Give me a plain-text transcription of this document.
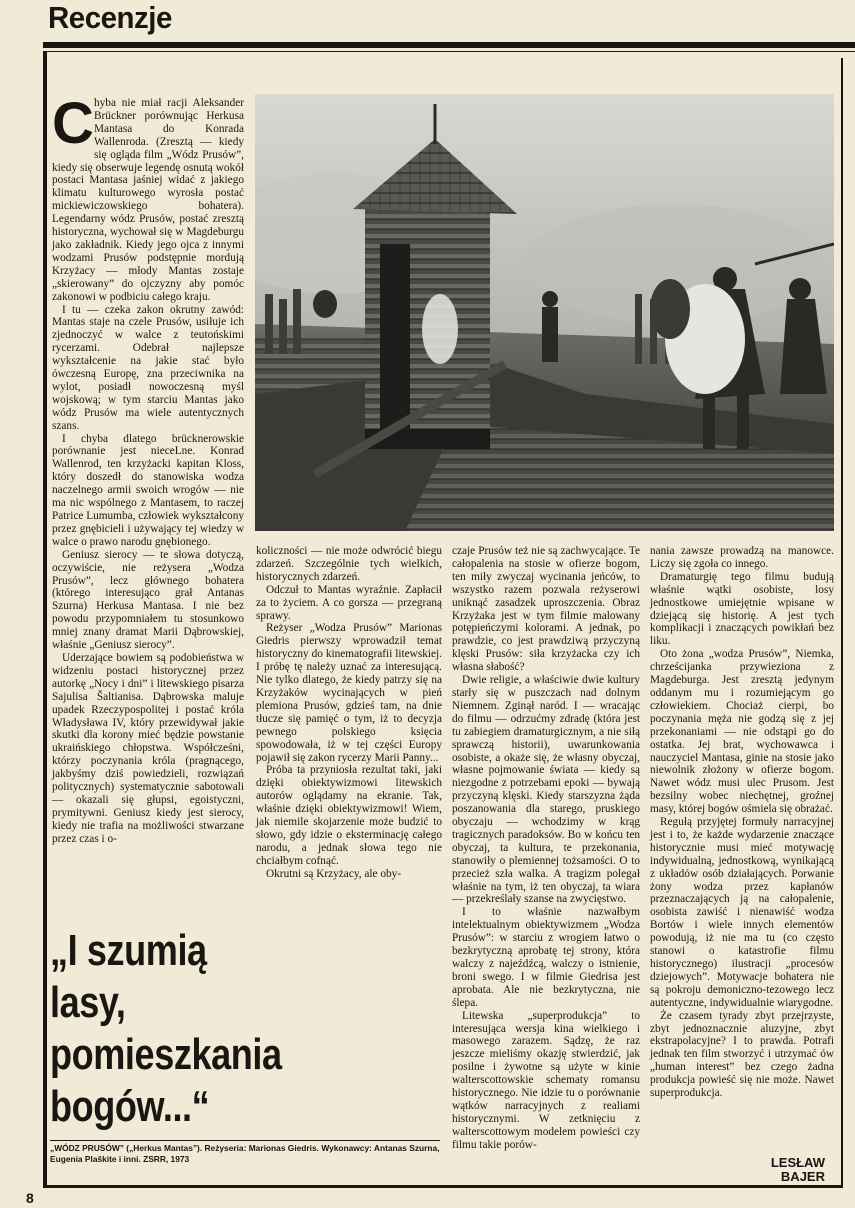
Recenzje
C hyba nie miał racji Aleksander Brückner porównując Herkusa Mantasa do Konrada Wallenroda. (Zresztą — kiedy się ogląda film „Wódz Prusów”, kiedy się obserwuje legendę osnutą wokół postaci Mantasa jaśniej widać z jakiego klimatu kulturowego wyrosła postać mickiewiczowskiego bohatera). Legendarny wódz Prusów, postać zresztą historyczna, wychował się w Magdeburgu jako zakładnik. Kiedy jego ojca z innymi wodzami Prusów podstępnie mordują Krzyżacy — młody Mantas zostaje „skierowany” do ojczyzny aby pomóc zakonowi w podbiciu całego kraju.

I tu — czeka zakon okrutny zawód: Mantas staje na czele Prusów, usiłuje ich zjednoczyć w walce z teutońskimi rycerzami. Odebrał najlepsze wykształcenie na jakie stać było ówczesną Europę, zna przeciwnika na wylot, posiadł nowoczesną myśl wojskową; w tym starciu Mantas jako wódz Prusów ma wiele autentycznych szans.

I chyba dlatego brücknerowskie porównanie jest nieceLne. Konrad Wallenrod, ten krzyżacki kapitan Kloss, który doszedł do stanowiska wodza naczelnego armii swoich wrogów — nie ma nic wspólnego z Mantasem, to raczej Patrice Lumumba, człowiek wykształcony przez gnębicieli i używający tej wiedzy w walce o prawo narodu gnębionego.

Geniusz sierocy — te słowa dotyczą, oczywiście, nie reżysera „Wodza Prusów”, lecz głównego bohatera (którego interesująco grał Antanas Szurna) Herkusa Mantasa. I nie bez powodu przypomniałem tu stosunkowo mniej znany dramat Marii Dąbrowskiej, właśnie „Geniusz sierocy”.

Uderzające bowiem są podobieństwa w widzeniu postaci historycznej przez autorkę „Nocy i dni” i litewskiego pisarza Sajulisa Šaltianisa. Dąbrowska maluje upadek Rzeczypospolitej i postać króla Władysława IV, który przewidywał jakie skutki dla korony mieć będzie powstanie ukraińskiego chłopstwa. Współcześni, którzy poczynania króla (pragnącego, jakbyśmy dziś powiedzieli, rozwiązań politycznych) systematycznie sabotowali — okazali się głupsi, egoistyczni, prymitywni. Geniusz kiedy jest sierocy, kiedy nie trafia na możliwości stwarzane przez czas i o-

koliczności — nie może odwrócić biegu zdarzeń. Szczególnie tych wielkich, historycznych zdarzeń.

Odczuł to Mantas wyraźnie. Zapłacił za to życiem. A co gorsza — przegraną sprawy.

Reżyser „Wodza Prusów” Marionas Giedris pierwszy wprowadził temat historyczny do kinematografii litewskiej. I próbę tę należy uznać za interesującą. Nie tylko dlatego, że kiedy patrzy się na Krzyżaków wycinających w pień plemiona Prusów, gdzieś tam, na dnie tłucze się pamięć o tym, iż to decyzja pewnego polskiego księcia spowodowała, iż w tej części Europy pojawił się zakon rycerzy Marii Panny...

Próba ta przyniosła rezultat taki, jaki dzięki obiektywizmowi litewskich autorów oglądamy na ekranie. Tak, właśnie dzięki obiektywizmowi! Wiem, jak niemile skojarzenie może budzić to słowo, gdy idzie o eksterminację całego narodu, a jednak słowa tego nie chciałbym cofnąć.

Okrutni są Krzyżacy, ale oby-

czaje Prusów też nie są zachwycające. Te całopalenia na stosie w ofierze bogom, ten miły zwyczaj wycinania jeńców, to wszystko razem pozwala reżyserowi uniknąć zasadzek uproszczenia. Obraz Krzyżaka jest w tym filmie malowany potępieńczymi kolorami. A jednak, po prawdzie, co jest prawdziwą przyczyną klęski Prusów: siła krzyżacka czy ich własna słabość?

Dwie religie, a właściwie dwie kultury starły się w puszczach nad dolnym Niemnem. Zginął naród. I — wracając do filmu — odrzućmy zdradę (która jest tu zabiegiem dramaturgicznym, a nie siłą sprawczą historii), uwarunkowania osobiste, a okaże się, że własny obyczaj, własne pojmowanie świata — kiedy są niezgodne z potrzebami epoki — bywają przyczyną klęski. Kiedy starszyzna żąda poszanowania dla starego, pruskiego obyczaju — wchodzimy w krąg tragicznych paradoksów. Bo w końcu ten obyczaj, ta kultura, te przekonania, stanowiły o plemiennej tożsamości. O to przecież szła walka. A tragizm polegał właśnie na tym, iż ten obyczaj, ta wiara — przekreślały szanse na zwycięstwo.

I to właśnie nazwałbym intelektualnym obiektywizmem „Wodza Prusów”: w starciu z wrogiem łatwo o bezkrytyczną aprobatę tej strony, która walczy z najeźdźcą, walczy o istnienie, broni swego. I w filmie Giedrisa jest aprobata. Ale nie bezkrytyczna, nie ślepa.

Litewska „superprodukcja” to interesująca wersja kina wielkiego i masowego zarazem. Sądzę, że raz jeszcze mieliśmy okazję stwierdzić, jak posilne i żywotne są użyte w kinie walterscottowskie schematy romansu historycznego. Nie idzie tu o porównanie wątków narracyjnych z realiami historycznymi. W zetknięciu z walterscottowym modelem powieści czy filmu takie porów-

nania zawsze prowadzą na manowce. Liczy się zgoła co innego.

Dramaturgię tego filmu budują właśnie wątki osobiste, losy jednostkowe umiejętnie wpisane w dziejącą się historię. A jest tych komplikacji i znaczących powikłań bez liku.

Oto żona „wodza Prusów”, Niemka, chrześcijanka przywieziona z Magdeburga. Jest zresztą jedynym oddanym mu i rozumiejącym go człowiekiem. Chociaż cierpi, bo poczynania męża nie godzą się z jej przekonaniami — nie odstąpi go do ostatka. Jej brat, wychowawca i nauczyciel Mantasa, ginie na stosie jako niewolnik złożony w ofierze bogom. Nawet wódz musi ulec Prusom. Jest bezsilny wobec niechętnej, groźnej masy, której bogów ośmiela się obrażać.

Regułą przyjętej formuły narracyjnej jest i to, że każde wydarzenie znaczące historycznie musi mieć motywację indywidualną, jednostkową, wynikającą z układów osób działających. Porwanie żony wodza przez kapłanów przeznaczających ją na całopalenie, osobista zawiść i nienawiść wodza Bortów i wiele innych elementów powodują, iż nie ma tu (co często stanowi o katastrofie filmu historycznego) ilustracji „procesów dziejowych”. Motywacje bohatera nie są pokroju demoniczno-tezowego lecz autentyczne, indywidualnie wiarygodne.

Że czasem tyrady zbyt przejrzyste, zbyt jednoznacznie aluzyjne, zbyt ekstrapolacyjne? I to prawda. Potrafi jednak ten film stworzyć i utrzymać ów „human interest” bez czego żadna produkcja powieść się nie może. Nawet superprodukcja.

„I szumią lasy, pomieszkania bogów...“
„WÓDZ PRUSÓW” („Herkus Mantas”). Reżyseria: Marionas Giedris. Wykonawcy: Antanas Szurna, Eugenia Plaškite i inni. ZSRR, 1973	LESŁAW BAJER
8
